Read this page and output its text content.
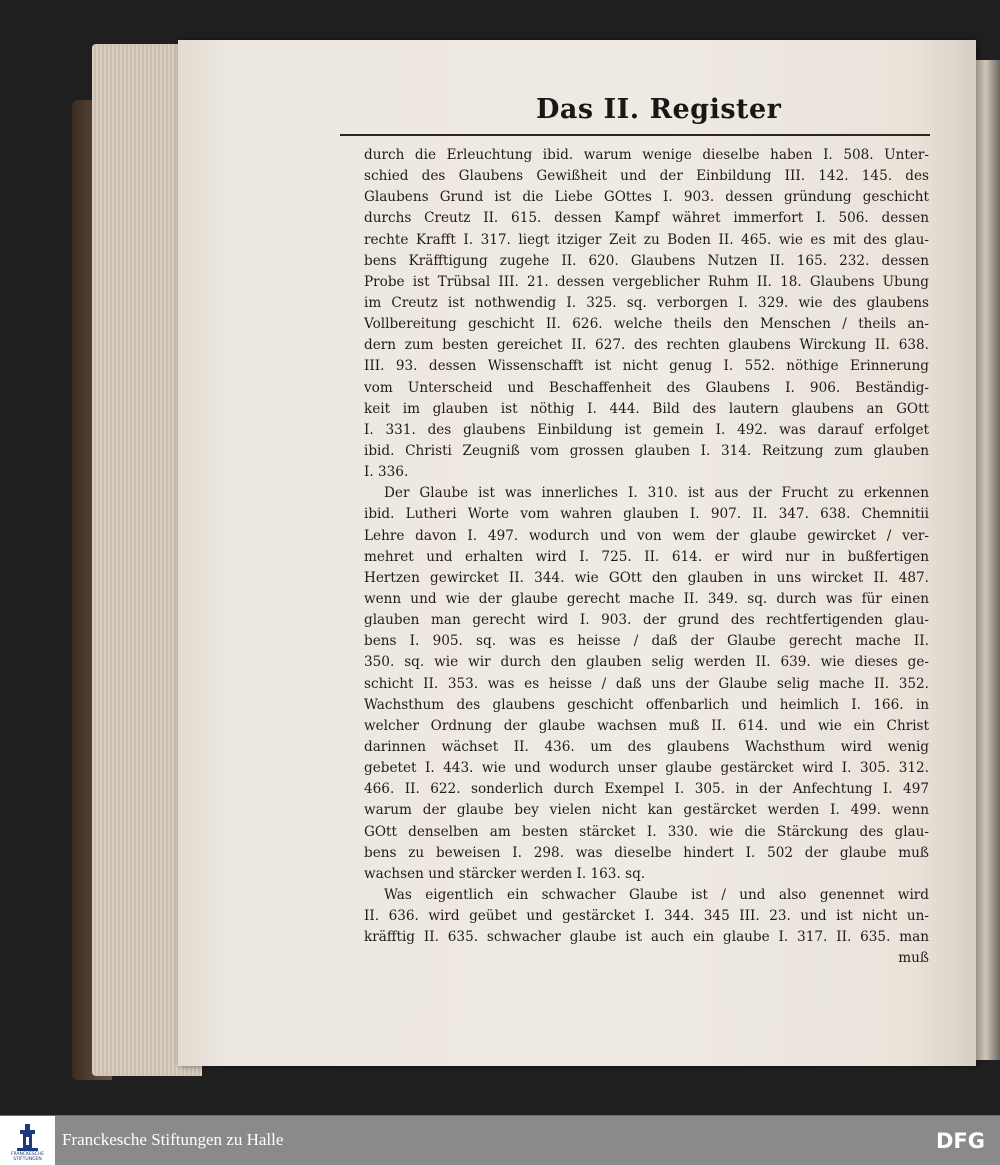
Das II. Register
durch die Erleuchtung ibid. warum wenige dieselbe haben I. 508. Unter-
schied des Glaubens Gewißheit und der Einbildung III. 142. 145. des
Glaubens Grund ist die Liebe GOttes I. 903. dessen gründung geschicht
durchs Creutz II. 615. dessen Kampf währet immerfort I. 506. dessen
rechte Krafft I. 317. liegt itziger Zeit zu Boden II. 465. wie es mit des glau-
bens Kräfftigung zugehe II. 620. Glaubens Nutzen II. 165. 232. dessen
Probe ist Trübsal III. 21. dessen vergeblicher Ruhm II. 18. Glaubens Ubung
im Creutz ist nothwendig I. 325. sq. verborgen I. 329. wie des glaubens
Vollbereitung geschicht II. 626. welche theils den Menschen / theils an-
dern zum besten gereichet II. 627. des rechten glaubens Wirckung II. 638.
III. 93. dessen Wissenschafft ist nicht genug I. 552. nöthige Erinnerung
vom Unterscheid und Beschaffenheit des Glaubens I. 906. Beständig-
keit im glauben ist nöthig I. 444. Bild des lautern glaubens an GOtt
I. 331. des glaubens Einbildung ist gemein I. 492. was darauf erfolget
ibid. Christi Zeugniß vom grossen glauben I. 314. Reitzung zum glauben
I. 336.
Der Glaube ist was innerliches I. 310. ist aus der Frucht zu erkennen
ibid. Lutheri Worte vom wahren glauben I. 907. II. 347. 638. Chemnitii
Lehre davon I. 497. wodurch und von wem der glaube gewircket / ver-
mehret und erhalten wird I. 725. II. 614. er wird nur in bußfertigen
Hertzen gewircket II. 344. wie GOtt den glauben in uns wircket II. 487.
wenn und wie der glaube gerecht mache II. 349. sq. durch was für einen
glauben man gerecht wird I. 903. der grund des rechtfertigenden glau-
bens I. 905. sq. was es heisse / daß der Glaube gerecht mache II.
350. sq. wie wir durch den glauben selig werden II. 639. wie dieses ge-
schicht II. 353. was es heisse / daß uns der Glaube selig mache II. 352.
Wachsthum des glaubens geschicht offenbarlich und heimlich I. 166. in
welcher Ordnung der glaube wachsen muß II. 614. und wie ein Christ
darinnen wächset II. 436. um des glaubens Wachsthum wird wenig
gebetet I. 443. wie und wodurch unser glaube gestärcket wird I. 305. 312.
466. II. 622. sonderlich durch Exempel I. 305. in der Anfechtung I. 497
warum der glaube bey vielen nicht kan gestärcket werden I. 499. wenn
GOtt denselben am besten stärcket I. 330. wie die Stärckung des glau-
bens zu beweisen I. 298. was dieselbe hindert I. 502 der glaube muß
wachsen und stärcker werden I. 163. sq.
Was eigentlich ein schwacher Glaube ist / und also genennet wird
II. 636. wird geübet und gestärcket I. 344. 345 III. 23. und ist nicht un-
kräfftig II. 635. schwacher glaube ist auch ein glaube I. 317. II. 635. man
muß
FRANCKESCHE
STIFTUNGEN
Franckesche Stiftungen zu Halle	DFG
